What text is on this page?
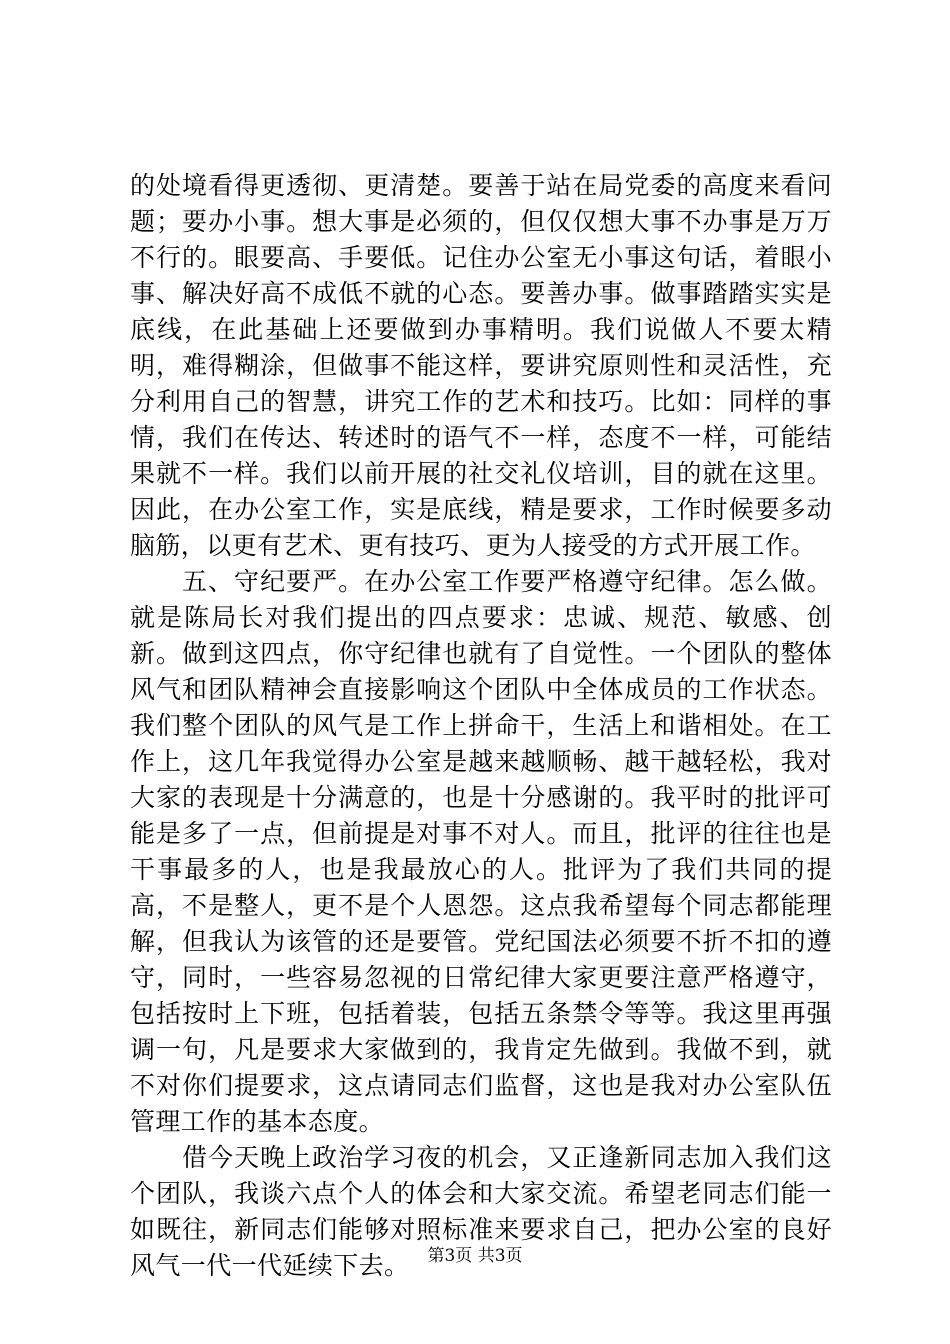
的处境看得更透彻、更清楚。要善于站在局党委的高度来看问题；要办小事。想大事是必须的，但仅仅想大事不办事是万万不行的。眼要高、手要低。记住办公室无小事这句话，着眼小事、解决好高不成低不就的心态。要善办事。做事踏踏实实是底线，在此基础上还要做到办事精明。我们说做人不要太精明，难得糊涂，但做事不能这样，要讲究原则性和灵活性，充分利用自己的智慧，讲究工作的艺术和技巧。比如：同样的事情，我们在传达、转述时的语气不一样，态度不一样，可能结果就不一样。我们以前开展的社交礼仪培训，目的就在这里。因此，在办公室工作，实是底线，精是要求，工作时候要多动脑筋，以更有艺术、更有技巧、更为人接受的方式开展工作。

五、守纪要严。在办公室工作要严格遵守纪律。怎么做。就是陈局长对我们提出的四点要求：忠诚、规范、敏感、创新。做到这四点，你守纪律也就有了自觉性。一个团队的整体风气和团队精神会直接影响这个团队中全体成员的工作状态。我们整个团队的风气是工作上拼命干，生活上和谐相处。在工作上，这几年我觉得办公室是越来越顺畅、越干越轻松，我对大家的表现是十分满意的，也是十分感谢的。我平时的批评可能是多了一点，但前提是对事不对人。而且，批评的往往也是干事最多的人，也是我最放心的人。批评为了我们共同的提高，不是整人，更不是个人恩怨。这点我希望每个同志都能理解，但我认为该管的还是要管。党纪国法必须要不折不扣的遵守，同时，一些容易忽视的日常纪律大家更要注意严格遵守，包括按时上下班，包括着装，包括五条禁令等等。我这里再强调一句，凡是要求大家做到的，我肯定先做到。我做不到，就不对你们提要求，这点请同志们监督，这也是我对办公室队伍管理工作的基本态度。

借今天晚上政治学习夜的机会，又正逢新同志加入我们这个团队，我谈六点个人的体会和大家交流。希望老同志们能一如既往，新同志们能够对照标准来要求自己，把办公室的良好风气一代一代延续下去。	第3页 共3页
